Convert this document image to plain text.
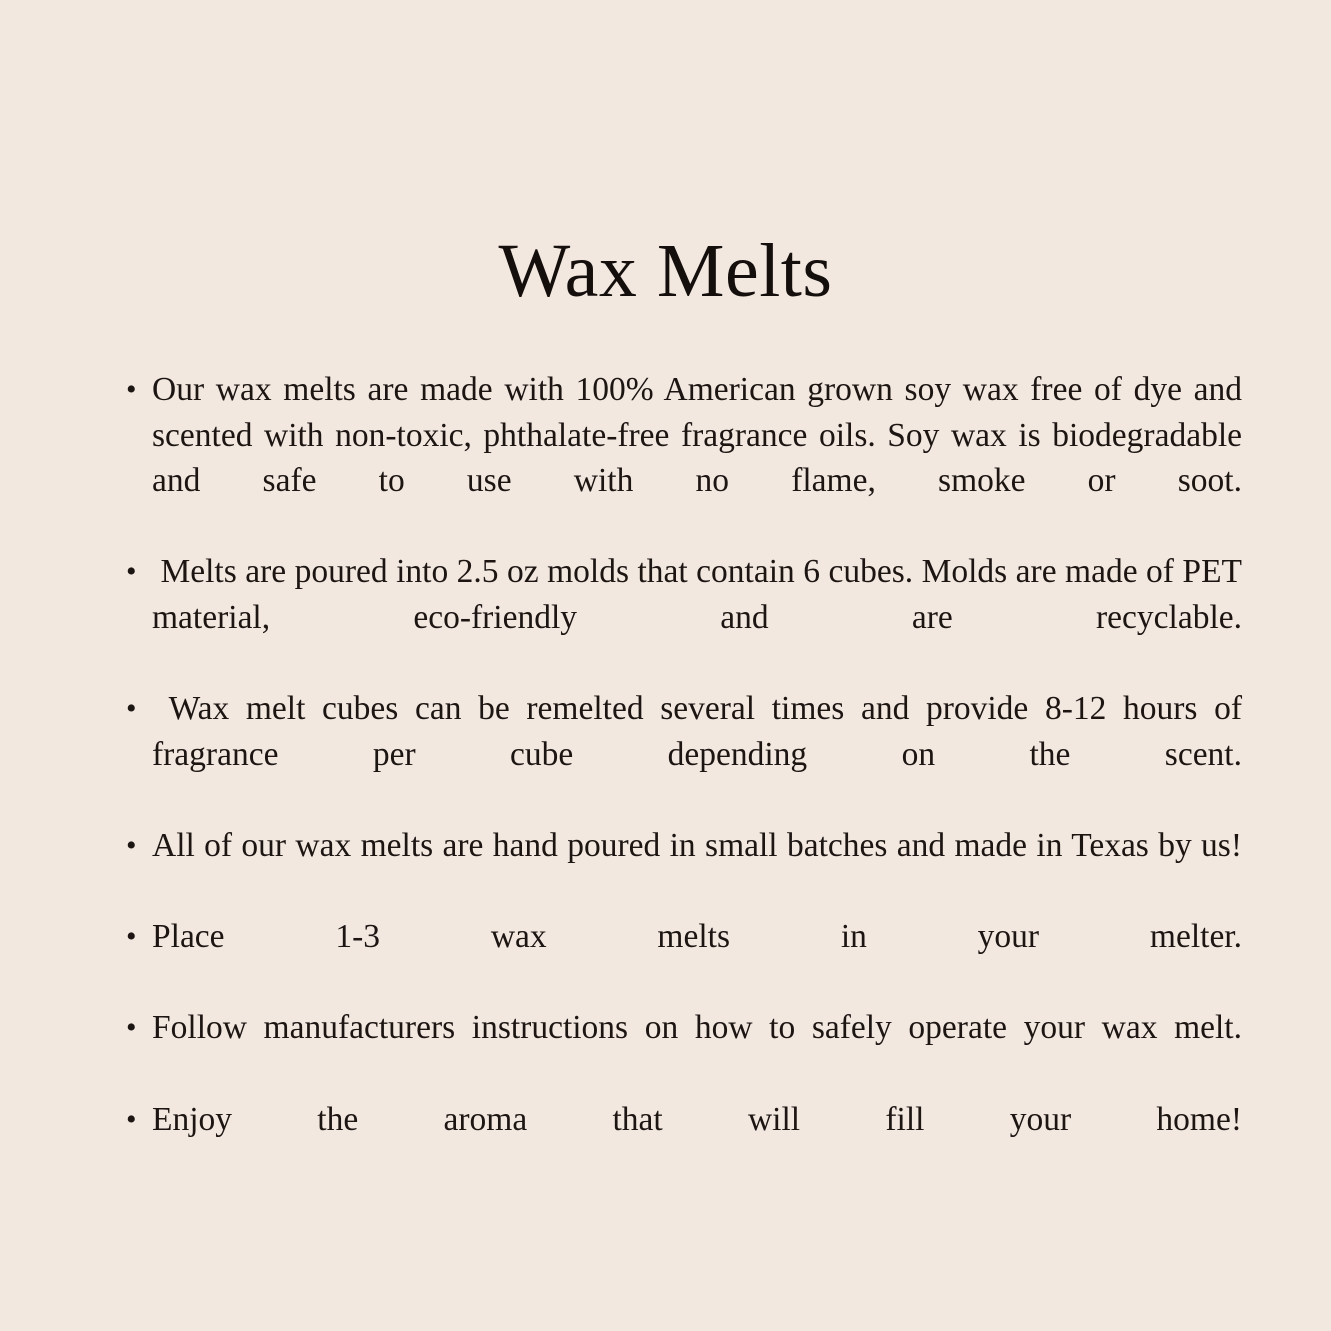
Wax Melts
• Our wax melts are made with 100% American grown soy wax free of dye and scented with non-toxic, phthalate-free fragrance oils. Soy wax is biodegradable and safe to use with no flame, smoke or soot.
• Melts are poured into 2.5 oz molds that contain 6 cubes. Molds are made of PET material, eco-friendly and are recyclable.
• Wax melt cubes can be remelted several times and provide 8-12 hours of fragrance per cube depending on the scent.
• All of our wax melts are hand poured in small batches and made in Texas by us!
• Place 1-3 wax melts in your melter.
• Follow manufacturers instructions on how to safely operate your wax melt.
• Enjoy the aroma that will fill your home!
